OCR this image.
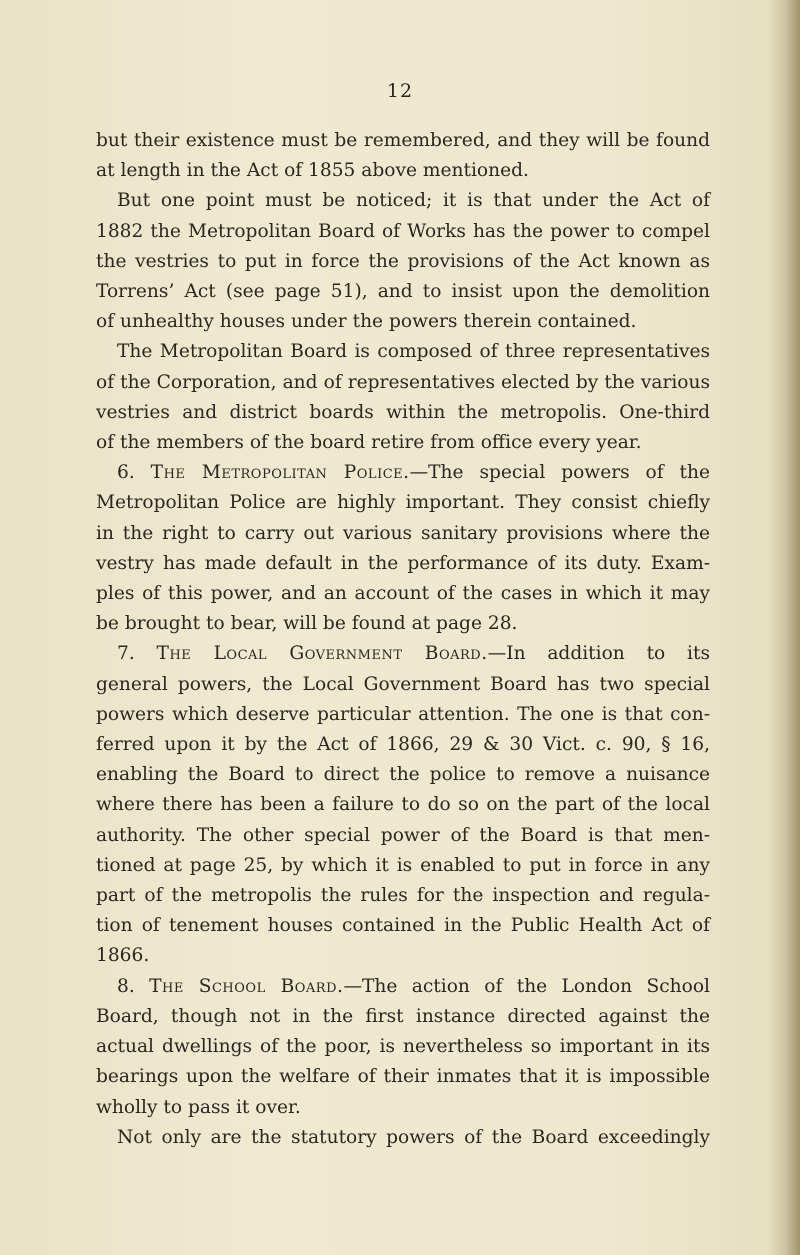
12
but their existence must be remembered, and they will be found
at length in the Act of 1855 above mentioned.
But one point must be noticed; it is that under the Act of
1882 the Metropolitan Board of Works has the power to compel
the vestries to put in force the provisions of the Act known as
Torrens’ Act (see page 51), and to insist upon the demolition
of unhealthy houses under the powers therein contained.
The Metropolitan Board is composed of three representatives
of the Corporation, and of representatives elected by the various
vestries and district boards within the metropolis. One-third
of the members of the board retire from office every year.
6. The Metropolitan Police.—The special powers of the
Metropolitan Police are highly important. They consist chiefly
in the right to carry out various sanitary provisions where the
vestry has made default in the performance of its duty. Exam-
ples of this power, and an account of the cases in which it may
be brought to bear, will be found at page 28.
7. The Local Government Board.—In addition to its
general powers, the Local Government Board has two special
powers which deserve particular attention. The one is that con-
ferred upon it by the Act of 1866, 29 & 30 Vict. c. 90, § 16,
enabling the Board to direct the police to remove a nuisance
where there has been a failure to do so on the part of the local
authority. The other special power of the Board is that men-
tioned at page 25, by which it is enabled to put in force in any
part of the metropolis the rules for the inspection and regula-
tion of tenement houses contained in the Public Health Act of
1866.
8. The School Board.—The action of the London School
Board, though not in the first instance directed against the
actual dwellings of the poor, is nevertheless so important in its
bearings upon the welfare of their inmates that it is impossible
wholly to pass it over.
Not only are the statutory powers of the Board exceedingly
